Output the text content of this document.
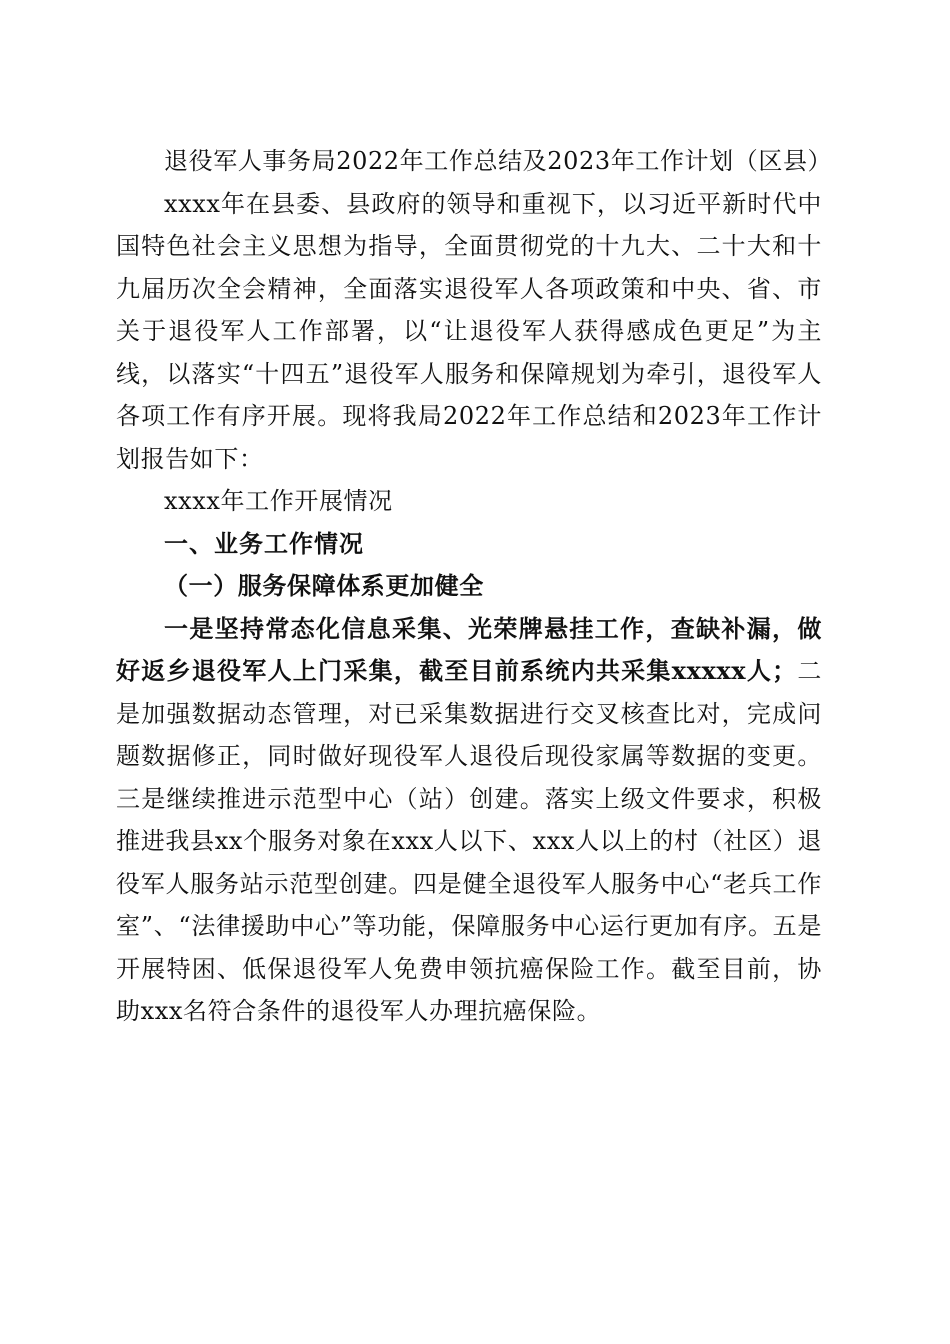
退役军人事务局2022年工作总结及2023年工作计划（区县）

xxxx年在县委、县政府的领导和重视下，以习近平新时代中国特色社会主义思想为指导，全面贯彻党的十九大、二十大和十九届历次全会精神，全面落实退役军人各项政策和中央、省、市关于退役军人工作部署，以“让退役军人获得感成色更足”为主线，以落实“十四五”退役军人服务和保障规划为牵引，退役军人各项工作有序开展。现将我局2022年工作总结和2023年工作计划报告如下：

xxxx年工作开展情况

一、业务工作情况

（一）服务保障体系更加健全

一是坚持常态化信息采集、光荣牌悬挂工作，查缺补漏，做好返乡退役军人上门采集，截至目前系统内共采集xxxxx人；二是加强数据动态管理，对已采集数据进行交叉核查比对，完成问题数据修正，同时做好现役军人退役后现役家属等数据的变更。三是继续推进示范型中心（站）创建。落实上级文件要求，积极推进我县xx个服务对象在xxx人以下、xxx人以上的村（社区）退役军人服务站示范型创建。四是健全退役军人服务中心“老兵工作室”、“法律援助中心”等功能，保障服务中心运行更加有序。五是开展特困、低保退役军人免费申领抗癌保险工作。截至目前，协助xxx名符合条件的退役军人办理抗癌保险。
